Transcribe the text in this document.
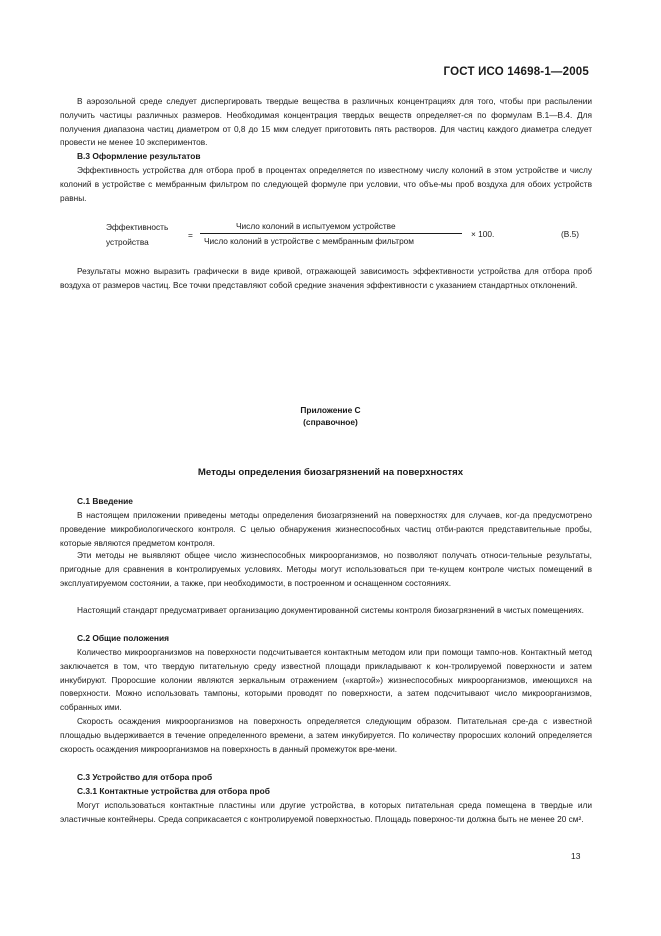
ГОСТ ИСО 14698-1—2005

В аэрозольной среде следует диспергировать твердые вещества в различных концентрациях для того, чтобы при распылении получить частицы различных размеров. Необходимая концентрация твердых веществ определяет-ся по формулам В.1—В.4. Для получения диапазона частиц диаметром от 0,8 до 15 мкм следует приготовить пять растворов. Для частиц каждого диаметра следует провести не менее 10 экспериментов.

В.3 Оформление результатов

Эффективность устройства для отбора проб в процентах определяется по известному числу колоний в этом устройстве и числу колоний в устройстве с мембранным фильтром по следующей формуле при условии, что объе-мы проб воздуха для обоих устройств равны.

Эффективность
устройства
=
Число колоний в испытуемом устройстве
Число колоний в устройстве с мембранным фильтром
× 100.	(В.5)

Результаты можно выразить графически в виде кривой, отражающей зависимость эффективности устройства для отбора проб воздуха от размеров частиц. Все точки представляют собой средние значения эффективности с указанием стандартных отклонений.

Приложение С
(справочное)
Методы определения биозагрязнений на поверхностях

С.1 Введение

В настоящем приложении приведены методы определения биозагрязнений на поверхностях для случаев, ког-да предусмотрено проведение микробиологического контроля. С целью обнаружения жизнеспособных частиц отби-раются представительные пробы, которые являются предметом контроля.

Эти методы не выявляют общее число жизнеспособных микроорганизмов, но позволяют получать относи-тельные результаты, пригодные для сравнения в контролируемых условиях. Методы могут использоваться при те-кущем контроле чистых помещений в эксплуатируемом состоянии, а также, при необходимости, в построенном и оснащенном состояниях.

Настоящий стандарт предусматривает организацию документированной системы контроля биозагрязнений в чистых помещениях.

С.2 Общие положения

Количество микроорганизмов на поверхности подсчитывается контактным методом или при помощи тампо-нов. Контактный метод заключается в том, что твердую питательную среду известной площади прикладывают к кон-тролируемой поверхности и затем инкубируют. Проросшие колонии являются зеркальным отражением («картой») жизнеспособных микроорганизмов, имеющихся на поверхности. Можно использовать тампоны, которыми проводят по поверхности, а затем подсчитывают число микроорганизмов, собранных ими.

Скорость осаждения микроорганизмов на поверхность определяется следующим образом. Питательная сре-да с известной площадью выдерживается в течение определенного времени, а затем инкубируется. По количеству проросших колоний определяется скорость осаждения микроорганизмов на поверхность в данный промежуток вре-мени.

С.3 Устройство для отбора проб

С.3.1 Контактные устройства для отбора проб

Могут использоваться контактные пластины или другие устройства, в которых питательная среда помещена в твердые или эластичные контейнеры. Среда соприкасается с контролируемой поверхностью. Площадь поверхнос-ти должна быть не менее 20 см².

13
